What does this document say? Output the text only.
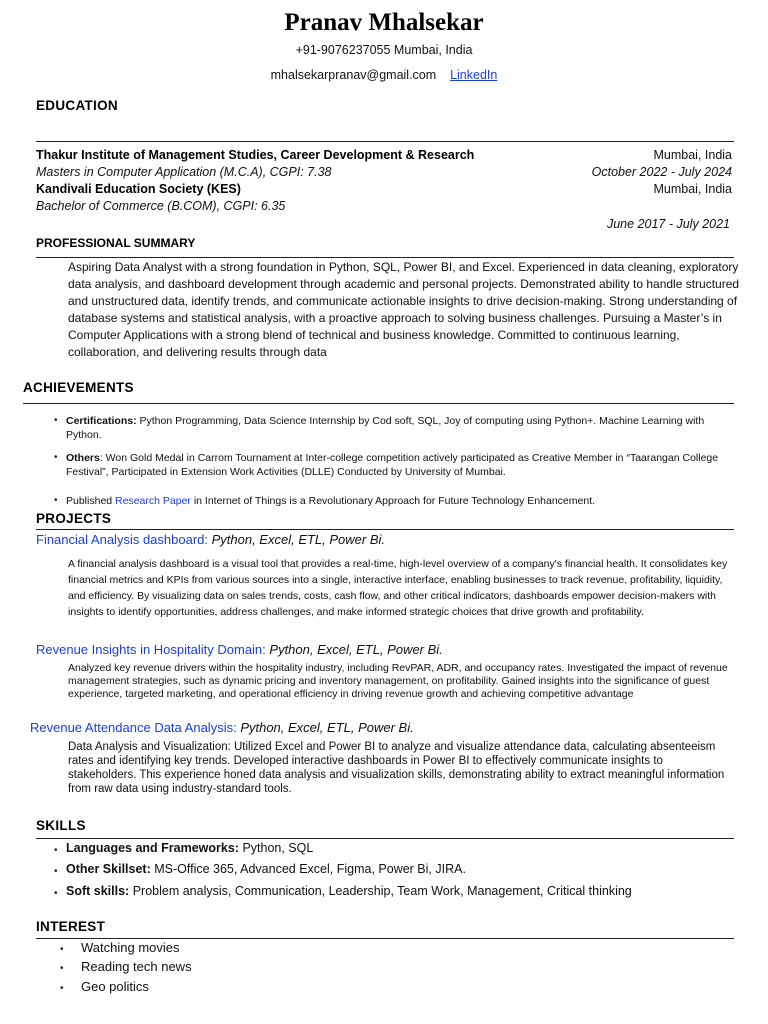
Pranav Mhalsekar
+91-9076237055 Mumbai, India
mhalsekarpranav@gmail.com LinkedIn
EDUCATION
Thakur Institute of Management Studies, Career Development & Research	Mumbai, India
Masters in Computer Application (M.C.A), CGPI: 7.38	October 2022 - July 2024
Kandivali Education Society (KES)	Mumbai, India
Bachelor of Commerce (B.COM), CGPI: 6.35
June 2017 - July 2021
PROFESSIONAL SUMMARY
Aspiring Data Analyst with a strong foundation in Python, SQL, Power BI, and Excel. Experienced in data cleaning, exploratory data analysis, and dashboard development through academic and personal projects. Demonstrated ability to handle structured and unstructured data, identify trends, and communicate actionable insights to drive decision-making. Strong understanding of database systems and statistical analysis, with a proactive approach to solving business challenges. Pursuing a Master’s in Computer Applications with a strong blend of technical and business knowledge. Committed to continuous learning, collaboration, and delivering results through data
ACHIEVEMENTS
• Certifications: Python Programming, Data Science Internship by Cod soft, SQL, Joy of computing using Python+. Machine Learning with Python.
• Others: Won Gold Medal in Carrom Tournament at Inter-college competition actively participated as Creative Member in “Taarangan College Festival”, Participated in Extension Work Activities (DLLE) Conducted by University of Mumbai.
• Published Research Paper in Internet of Things is a Revolutionary Approach for Future Technology Enhancement.
PROJECTS
Financial Analysis dashboard: Python, Excel, ETL, Power Bi.
A financial analysis dashboard is a visual tool that provides a real-time, high-level overview of a company's financial health. It consolidates key financial metrics and KPIs from various sources into a single, interactive interface, enabling businesses to track revenue, profitability, liquidity, and efficiency. By visualizing data on sales trends, costs, cash flow, and other critical indicators, dashboards empower decision-makers with insights to identify opportunities, address challenges, and make informed strategic choices that drive growth and profitability.
Revenue Insights in Hospitality Domain: Python, Excel, ETL, Power Bi.
Analyzed key revenue drivers within the hospitality industry, including RevPAR, ADR, and occupancy rates. Investigated the impact of revenue management strategies, such as dynamic pricing and inventory management, on profitability. Gained insights into the significance of guest experience, targeted marketing, and operational efficiency in driving revenue growth and achieving competitive advantage
Revenue Attendance Data Analysis: Python, Excel, ETL, Power Bi.
Data Analysis and Visualization: Utilized Excel and Power BI to analyze and visualize attendance data, calculating absenteeism rates and identifying key trends. Developed interactive dashboards in Power BI to effectively communicate insights to stakeholders. This experience honed data analysis and visualization skills, demonstrating ability to extract meaningful information from raw data using industry-standard tools.
SKILLS
• Languages and Frameworks: Python, SQL
• Other Skillset: MS-Office 365, Advanced Excel, Figma, Power Bi, JIRA.
• Soft skills: Problem analysis, Communication, Leadership, Team Work, Management, Critical thinking
INTEREST
• Watching movies
• Reading tech news
• Geo politics
